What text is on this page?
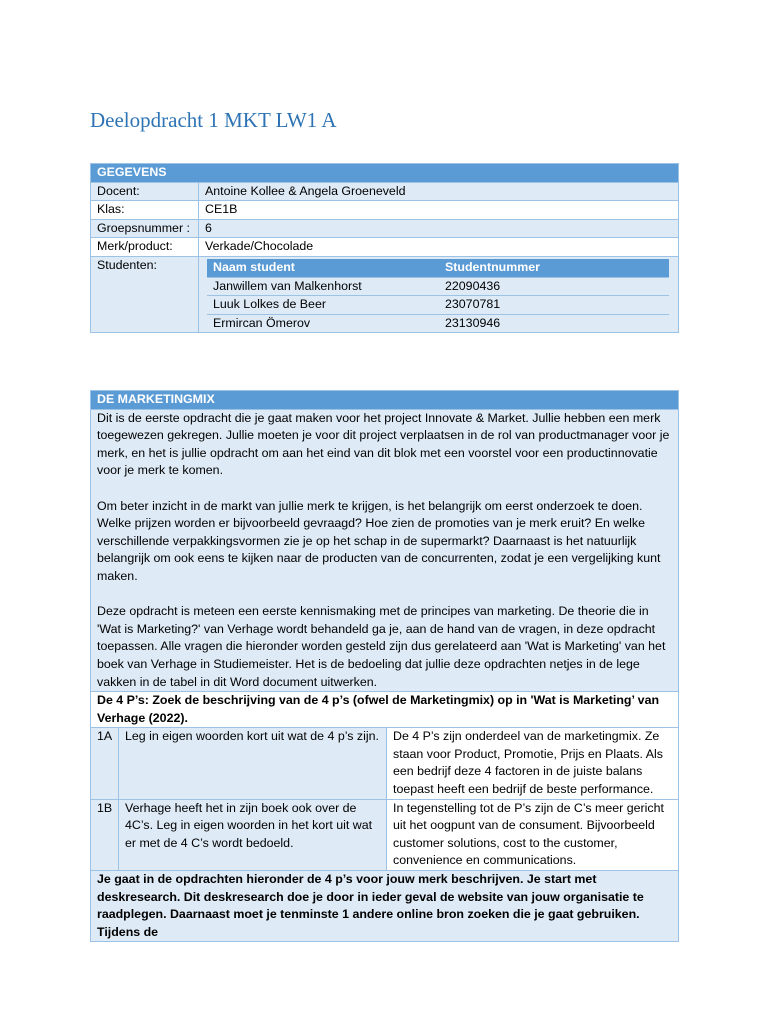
Deelopdracht 1 MKT LW1 A
GEGEVENS
Docent:	Antoine Kollee & Angela Groeneveld
Klas:	CE1B
Groepsnummer :	6
Merk/product:	Verkade/Chocolade
Studenten:		Naam student	Studentnummer
Janwillem van Malkenhorst	22090436
Luuk Lolkes de Beer	23070781
Ermircan Ömerov	23130946
DE MARKETINGMIX		

Dit is de eerste opdracht die je gaat maken voor het project Innovate & Market. Jullie hebben een merk toegewezen gekregen. Jullie moeten je voor dit project verplaatsen in de rol van productmanager voor je merk, en het is jullie opdracht om aan het eind van dit blok met een voorstel voor een productinnovatie voor je merk te komen.

Om beter inzicht in de markt van jullie merk te krijgen, is het belangrijk om eerst onderzoek te doen. Welke prijzen worden er bijvoorbeeld gevraagd? Hoe zien de promoties van je merk eruit? En welke verschillende verpakkingsvormen zie je op het schap in de supermarkt? Daarnaast is het natuurlijk belangrijk om ook eens te kijken naar de producten van de concurrenten, zodat je een vergelijking kunt maken.

Deze opdracht is meteen een eerste kennismaking met de principes van marketing. De theorie die in 'Wat is Marketing?' van Verhage wordt behandeld ga je, aan de hand van de vragen, in deze opdracht toepassen. Alle vragen die hieronder worden gesteld zijn dus gerelateerd aan 'Wat is Marketing' van het boek van Verhage in Studiemeister. Het is de bedoeling dat jullie deze opdrachten netjes in de lege vakken in de tabel in dit Word document uitwerken.		

De 4 P’s: Zoek de beschrijving van de 4 p’s (ofwel de Marketingmix) op in 'Wat is Marketing’ van Verhage (2022).		
1A	Leg in eigen woorden kort uit wat de 4 p’s zijn.	De 4 P’s zijn onderdeel van de marketingmix. Ze staan voor Product, Promotie, Prijs en Plaats. Als een bedrijf deze 4 factoren in de juiste balans toepast heeft een bedrijf de beste performance.
1B	Verhage heeft het in zijn boek ook over de 4C’s. Leg in eigen woorden in het kort uit wat er met de 4 C’s wordt bedoeld.	In tegenstelling tot de P’s zijn de C’s meer gericht uit het oogpunt van de consument. Bijvoorbeeld customer solutions, cost to the customer, convenience en communications.
Je gaat in de opdrachten hieronder de 4 p’s voor jouw merk beschrijven. Je start met deskresearch. Dit deskresearch doe je door in ieder geval de website van jouw organisatie te raadplegen. Daarnaast moet je tenminste 1 andere online bron zoeken die je gaat gebruiken. Tijdens de		
